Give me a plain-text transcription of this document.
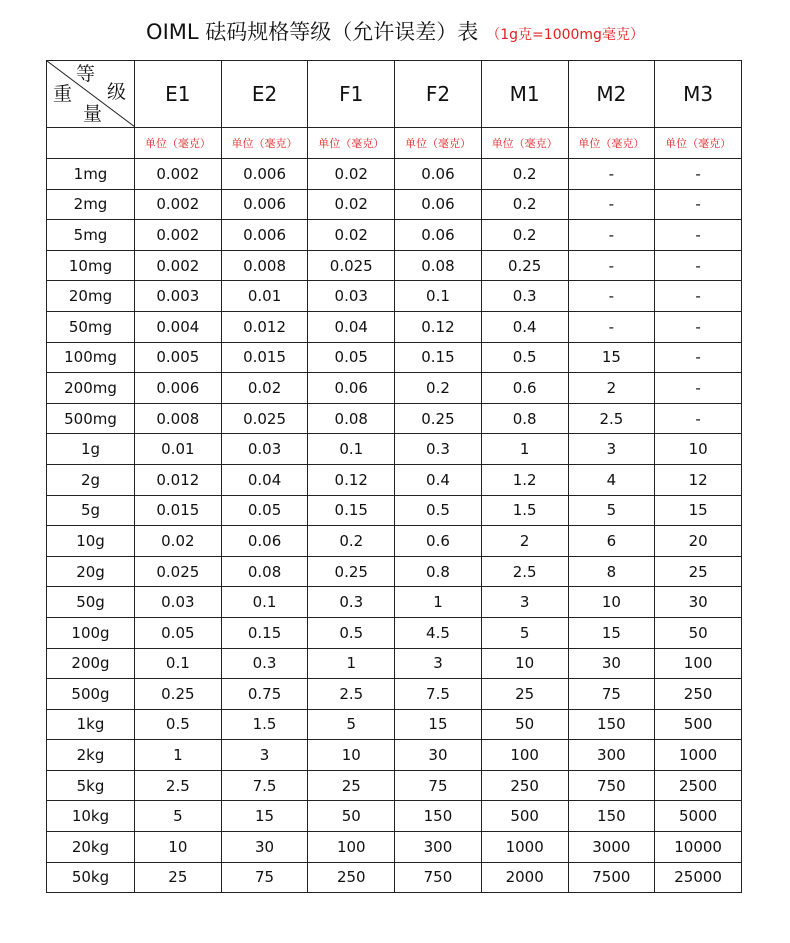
OIML 砝码规格等级（允许误差）表 （1g克=1000mg毫克）
等
级
重
量	E1	E2	F1	F2	M1	M2	M3
	单位（毫克）	单位（毫克）	单位（毫克）	单位（毫克）	单位（毫克）	单位（毫克）	单位（毫克）
1mg	0.002	0.006	0.02	0.06	0.2	-	-
2mg	0.002	0.006	0.02	0.06	0.2	-	-
5mg	0.002	0.006	0.02	0.06	0.2	-	-
10mg	0.002	0.008	0.025	0.08	0.25	-	-
20mg	0.003	0.01	0.03	0.1	0.3	-	-
50mg	0.004	0.012	0.04	0.12	0.4	-	-
100mg	0.005	0.015	0.05	0.15	0.5	15	-
200mg	0.006	0.02	0.06	0.2	0.6	2	-
500mg	0.008	0.025	0.08	0.25	0.8	2.5	-
1g	0.01	0.03	0.1	0.3	1	3	10
2g	0.012	0.04	0.12	0.4	1.2	4	12
5g	0.015	0.05	0.15	0.5	1.5	5	15
10g	0.02	0.06	0.2	0.6	2	6	20
20g	0.025	0.08	0.25	0.8	2.5	8	25
50g	0.03	0.1	0.3	1	3	10	30
100g	0.05	0.15	0.5	4.5	5	15	50
200g	0.1	0.3	1	3	10	30	100
500g	0.25	0.75	2.5	7.5	25	75	250
1kg	0.5	1.5	5	15	50	150	500
2kg	1	3	10	30	100	300	1000
5kg	2.5	7.5	25	75	250	750	2500
10kg	5	15	50	150	500	150	5000
20kg	10	30	100	300	1000	3000	10000
50kg	25	75	250	750	2000	7500	25000
